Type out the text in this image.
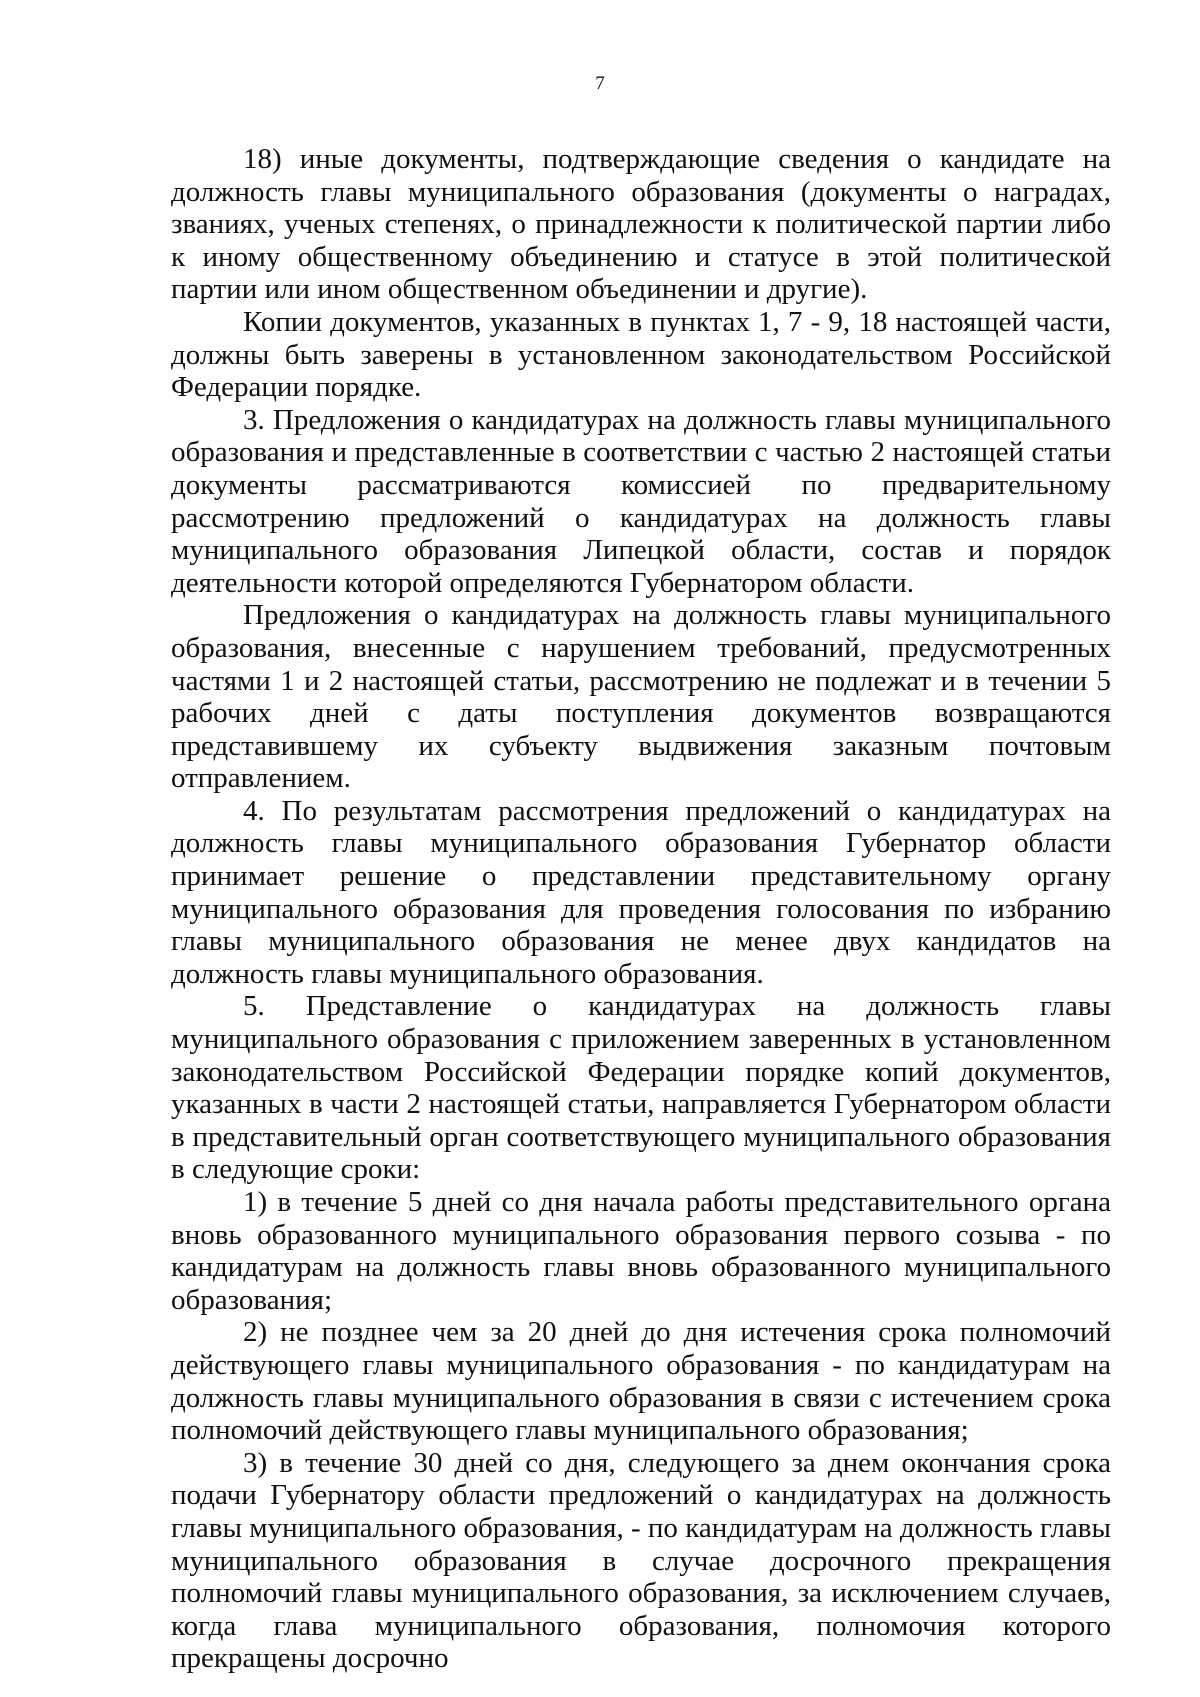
7

18) иные документы, подтверждающие сведения о кандидате на должность главы муниципального образования (документы о наградах, званиях, ученых степенях, о принадлежности к политической партии либо к иному общественному объединению и статусе в этой политической партии или ином общественном объединении и другие).

Копии документов, указанных в пунктах 1, 7 - 9, 18 настоящей части, должны быть заверены в установленном законодательством Российской Федерации порядке.

3. Предложения о кандидатурах на должность главы муниципального образования и представленные в соответствии с частью 2 настоящей статьи документы рассматриваются комиссией по предварительному рассмотрению предложений о кандидатурах на должность главы муниципального образования Липецкой области, состав и порядок деятельности которой определяются Губернатором области.

Предложения о кандидатурах на должность главы муниципального образования, внесенные с нарушением требований, предусмотренных частями 1 и 2 настоящей статьи, рассмотрению не подлежат и в течении 5 рабочих дней с даты поступления документов возвращаются представившему их субъекту выдвижения заказным почтовым отправлением.

4. По результатам рассмотрения предложений о кандидатурах на должность главы муниципального образования Губернатор области принимает решение о представлении представительному органу муниципального образования для проведения голосования по избранию главы муниципального образования не менее двух кандидатов на должность главы муниципального образования.

5. Представление о кандидатурах на должность главы муниципального образования с приложением заверенных в установленном законодательством Российской Федерации порядке копий документов, указанных в части 2 настоящей статьи, направляется Губернатором области в представительный орган соответствующего муниципального образования в следующие сроки:

1) в течение 5 дней со дня начала работы представительного органа вновь образованного муниципального образования первого созыва - по кандидатурам на должность главы вновь образованного муниципального образования;

2) не позднее чем за 20 дней до дня истечения срока полномочий действующего главы муниципального образования - по кандидатурам на должность главы муниципального образования в связи с истечением срока полномочий действующего главы муниципального образования;

3) в течение 30 дней со дня, следующего за днем окончания срока подачи Губернатору области предложений о кандидатурах на должность главы муниципального образования, - по кандидатурам на должность главы муниципального образования в случае досрочного прекращения полномочий главы муниципального образования, за исключением случаев, когда глава муниципального образования, полномочия которого прекращены досрочно
